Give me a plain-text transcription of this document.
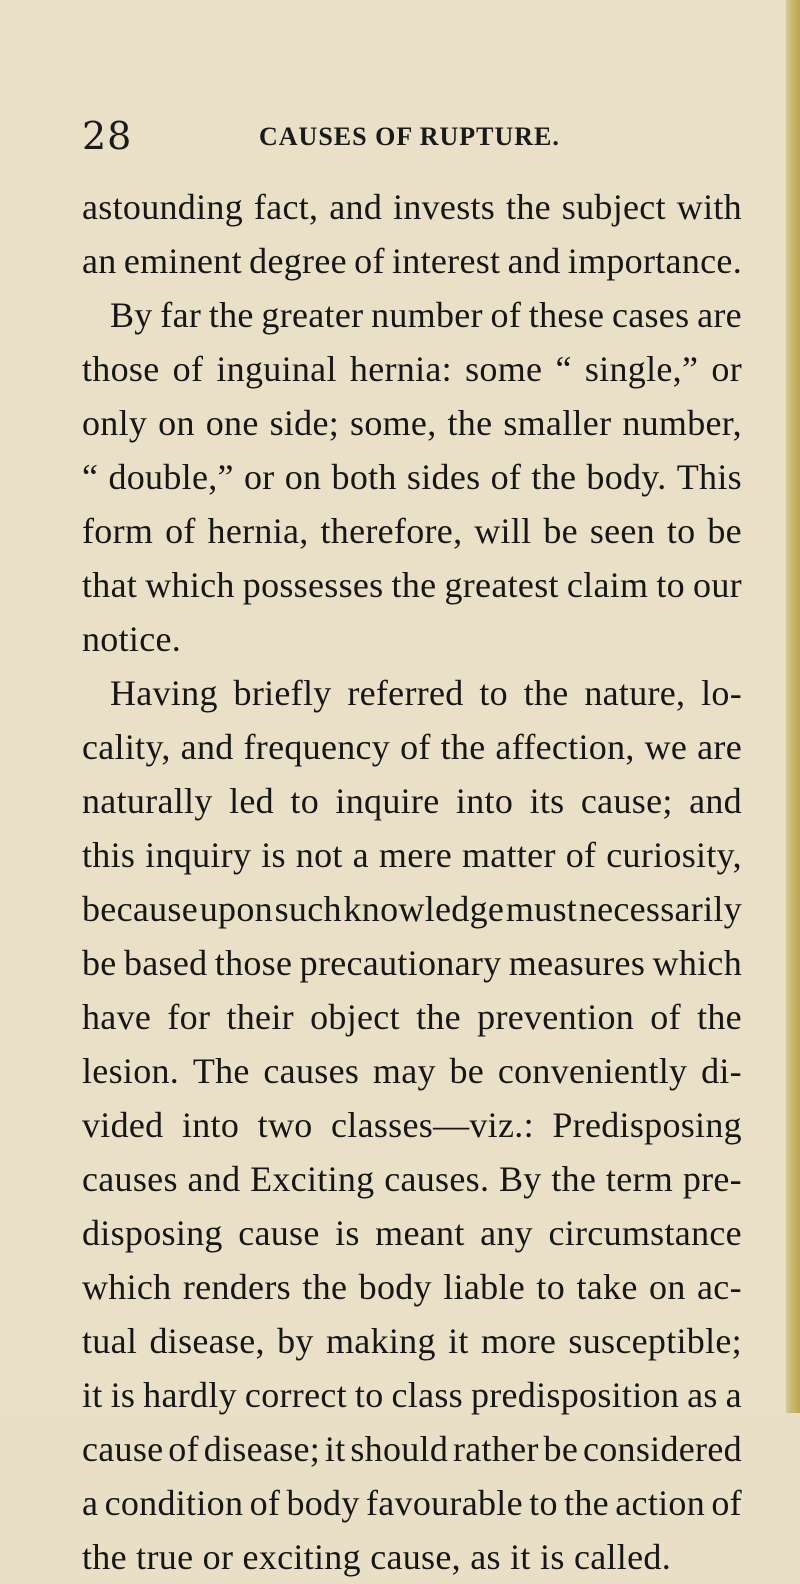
28	CAUSES OF RUPTURE.
astounding fact, and invests the subject with
an eminent degree of interest and importance.
By far the greater number of these cases are
those of inguinal hernia: some “ single,” or
only on one side; some, the smaller number,
“ double,” or on both sides of the body. This
form of hernia, therefore, will be seen to be
that which possesses the greatest claim to our
notice.
Having briefly referred to the nature, lo-
cality, and frequency of the affection, we are
naturally led to inquire into its cause; and
this inquiry is not a mere matter of curiosity,
because upon such knowledge must necessarily
be based those precautionary measures which
have for their object the prevention of the
lesion. The causes may be conveniently di-
vided into two classes—viz.: Predisposing
causes and Exciting causes. By the term pre-
disposing cause is meant any circumstance
which renders the body liable to take on ac-
tual disease, by making it more susceptible;
it is hardly correct to class predisposition as a
cause of disease; it should rather be considered
a condition of body favourable to the action of
the true or exciting cause, as it is called.
